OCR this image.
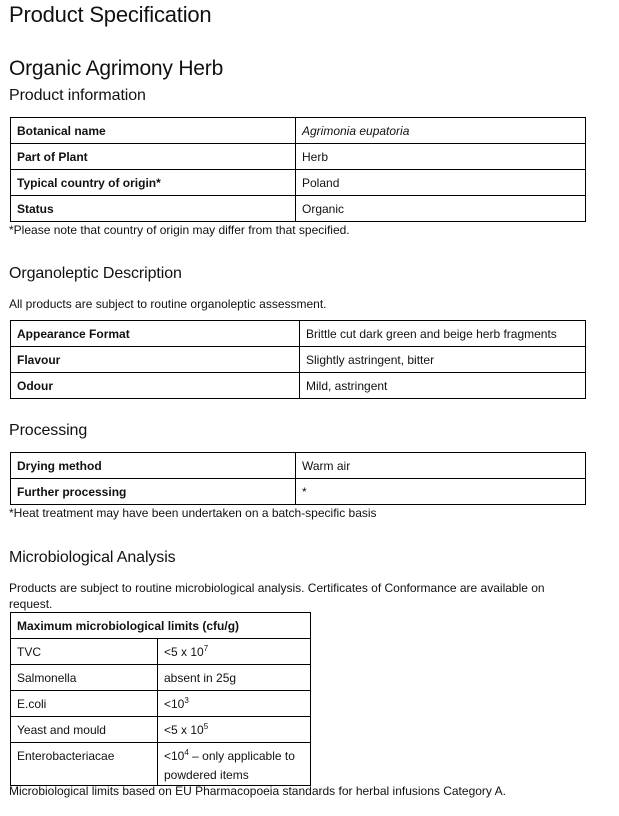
Product Specification
Organic Agrimony Herb
Product information
Botanical name	Agrimonia eupatoria
Part of Plant	Herb
Typical country of origin*	Poland
Status	Organic
*Please note that country of origin may differ from that specified.
Organoleptic Description
All products are subject to routine organoleptic assessment.
Appearance Format	Brittle cut dark green and beige herb fragments
Flavour	Slightly astringent, bitter
Odour	Mild, astringent
Processing
Drying method	Warm air
Further processing	*
*Heat treatment may have been undertaken on a batch-specific basis
Microbiological Analysis
Products are subject to routine microbiological analysis. Certificates of Conformance are available on request.
Maximum microbiological limits (cfu/g)	
TVC	<5 x $10^7$
Salmonella	absent in 25g
E.coli	$<10^3$
Yeast and mould	<5 x $10^5$
Enterobacteriacae	$<10^4$ – only applicable to powdered items
Microbiological limits based on EU Pharmacopoeia standards for herbal infusions Category A.
